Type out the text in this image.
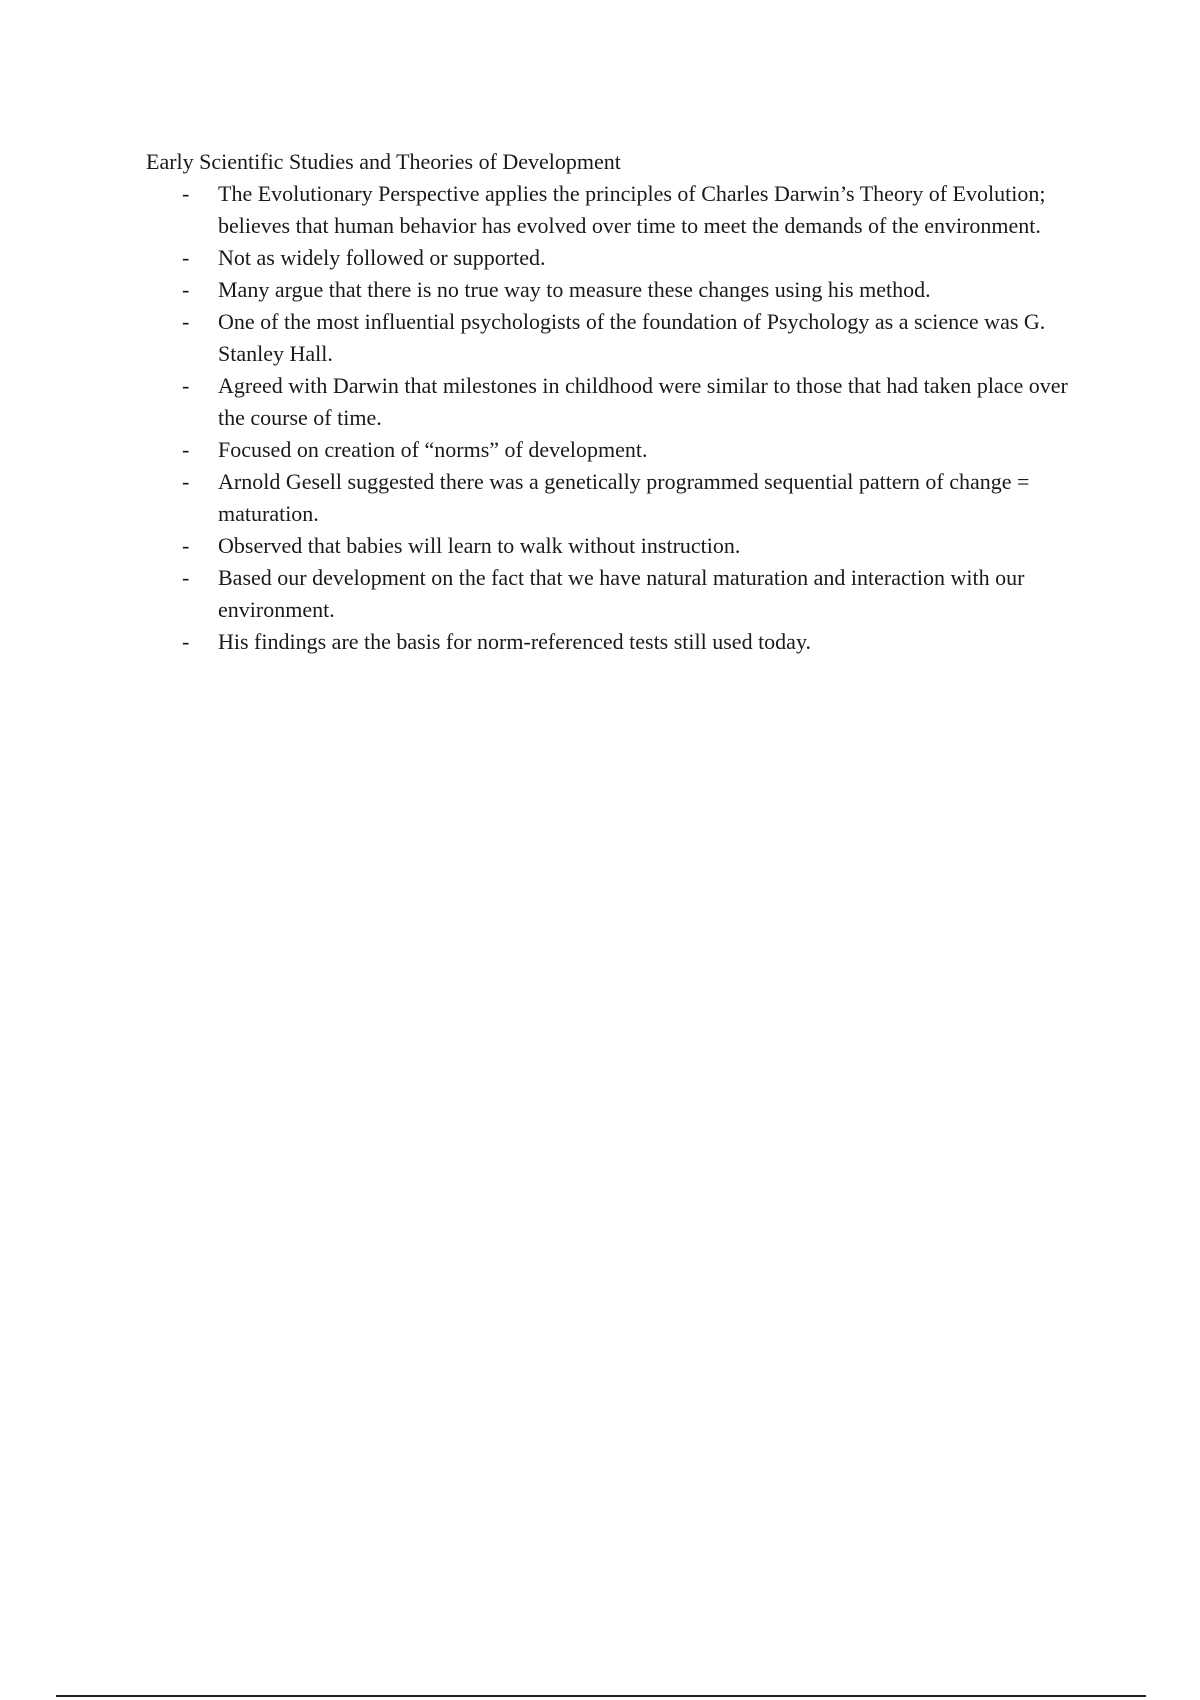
Early Scientific Studies and Theories of Development
-	The Evolutionary Perspective applies the principles of Charles Darwin’s Theory of Evolution; believes that human behavior has evolved over time to meet the demands of the environment.
-	Not as widely followed or supported.
-	Many argue that there is no true way to measure these changes using his method.
-	One of the most influential psychologists of the foundation of Psychology as a science was G. Stanley Hall.
-	Agreed with Darwin that milestones in childhood were similar to those that had taken place over the course of time.
-	Focused on creation of “norms” of development.
-	Arnold Gesell suggested there was a genetically programmed sequential pattern of change = maturation.
-	Observed that babies will learn to walk without instruction.
-	Based our development on the fact that we have natural maturation and interaction with our environment.
-	His findings are the basis for norm-referenced tests still used today.
